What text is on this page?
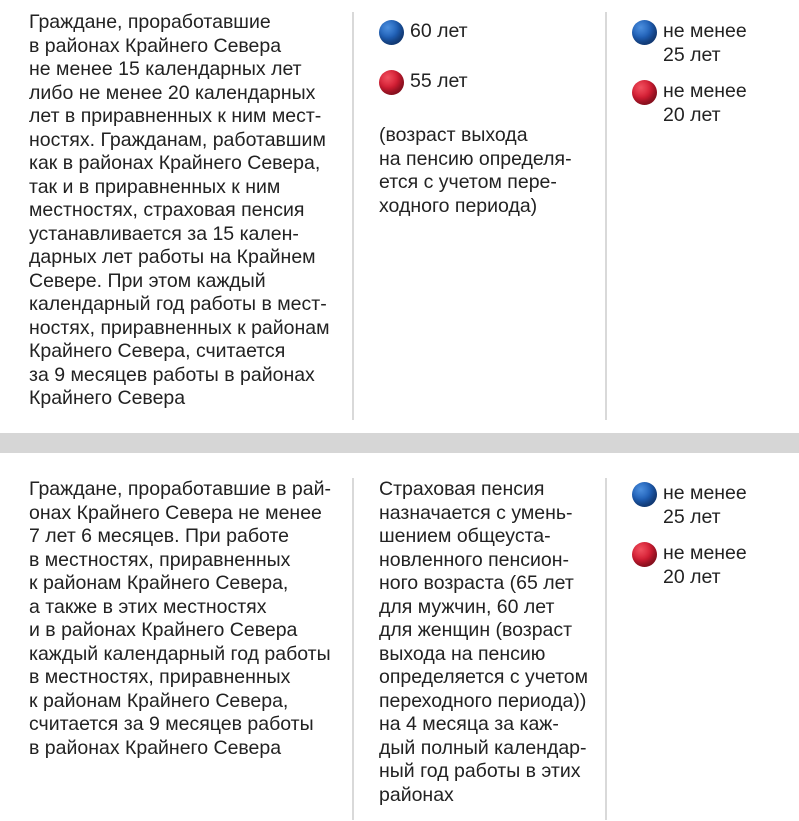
Граждане, проработавшие
в районах Крайнего Севера
не менее 15 календарных лет
либо не менее 20 календарных
лет в приравненных к ним мест-
ностях. Гражданам, работавшим
как в районах Крайнего Севера,
так и в приравненных к ним
местностях, страховая пенсия
устанавливается за 15 кален-
дарных лет работы на Крайнем
Севере. При этом каждый
календарный год работы в мест-
ностях, приравненных к районам
Крайнего Севера, считается
за 9 месяцев работы в районах
Крайнего Севера

60 лет

55 лет

(возраст выхода
на пенсию определя-
ется с учетом пере-
ходного периода)

не менее
25 лет

не менее
20 лет

Граждане, проработавшие в рай-
онах Крайнего Севера не менее
7 лет 6 месяцев. При работе
в местностях, приравненных
к районам Крайнего Севера,
а также в этих местностях
и в районах Крайнего Севера
каждый календарный год работы
в местностях, приравненных
к районам Крайнего Севера,
считается за 9 месяцев работы
в районах Крайнего Севера

Страховая пенсия
назначается с умень-
шением общеуста-
новленного пенсион-
ного возраста (65 лет
для мужчин, 60 лет
для женщин (возраст
выхода на пенсию
определяется с учетом
переходного периода))
на 4 месяца за каж-
дый полный календар-
ный год работы в этих
районах

не менее
25 лет

не менее
20 лет
